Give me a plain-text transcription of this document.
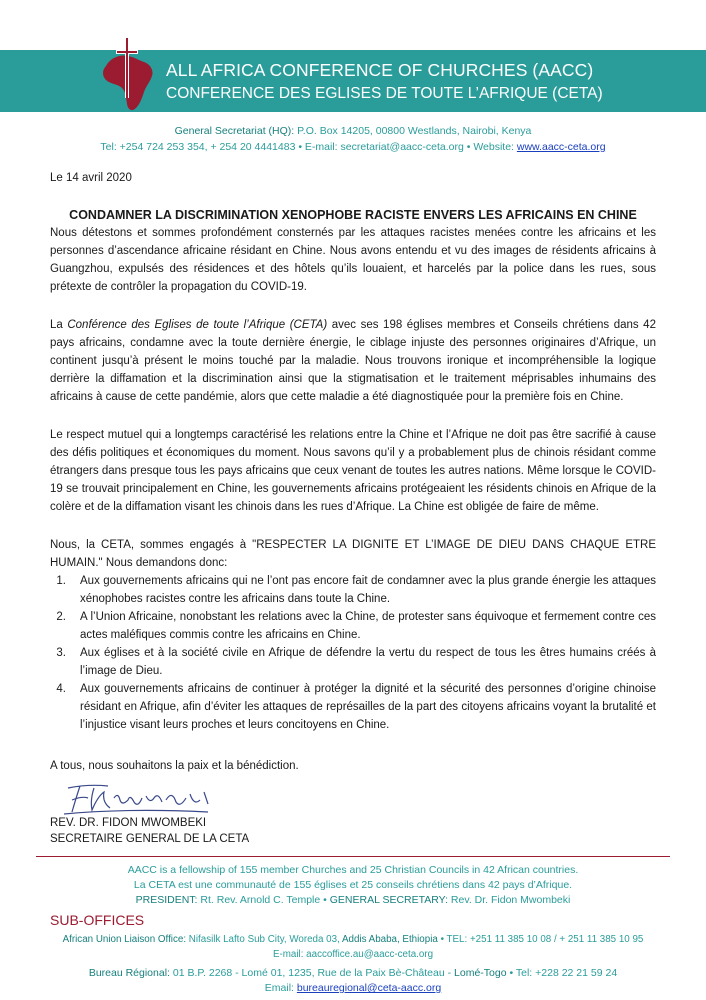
ALL AFRICA CONFERENCE OF CHURCHES (AACC)
CONFERENCE DES EGLISES DE TOUTE L’AFRIQUE (CETA)
General Secretariat (HQ): P.O. Box 14205, 00800 Westlands, Nairobi, Kenya
Tel: +254 724 253 354, + 254 20 4441483 • E-mail: secretariat@aacc-ceta.org • Website: www.aacc-ceta.org
Le 14 avril 2020
CONDAMNER LA DISCRIMINATION XENOPHOBE RACISTE ENVERS LES AFRICAINS EN CHINE

Nous détestons et sommes profondément consternés par les attaques racistes menées contre les africains et les personnes d’ascendance africaine résidant en Chine. Nous avons entendu et vu des images de résidents africains à Guangzhou, expulsés des résidences et des hôtels qu’ils louaient, et harcelés par la police dans les rues, sous prétexte de contrôler la propagation du COVID-19.

La Conférence des Eglises de toute l’Afrique (CETA) avec ses 198 églises membres et Conseils chrétiens dans 42 pays africains, condamne avec la toute dernière énergie, le ciblage injuste des personnes originaires d’Afrique, un continent jusqu’à présent le moins touché par la maladie. Nous trouvons ironique et incompréhensible la logique derrière la diffamation et la discrimination ainsi que la stigmatisation et le traitement méprisables inhumains des africains à cause de cette pandémie, alors que cette maladie a été diagnostiquée pour la première fois en Chine.

Le respect mutuel qui a longtemps caractérisé les relations entre la Chine et l’Afrique ne doit pas être sacrifié à cause des défis politiques et économiques du moment. Nous savons qu’il y a probablement plus de chinois résidant comme étrangers dans presque tous les pays africains que ceux venant de toutes les autres nations. Même lorsque le COVID-19 se trouvait principalement en Chine, les gouvernements africains protégeaient les résidents chinois en Afrique de la colère et de la diffamation visant les chinois dans les rues d’Afrique. La Chine est obligée de faire de même.

Nous, la CETA, sommes engagés à "RESPECTER LA DIGNITE ET L’IMAGE DE DIEU DANS CHAQUE ETRE HUMAIN." Nous demandons donc:

1. Aux gouvernements africains qui ne l’ont pas encore fait de condamner avec la plus grande énergie les attaques xénophobes racistes contre les africains dans toute la Chine.
2. A l’Union Africaine, nonobstant les relations avec la Chine, de protester sans équivoque et fermement contre ces actes maléfiques commis contre les africains en Chine.
3. Aux églises et à la société civile en Afrique de défendre la vertu du respect de tous les êtres humains créés à l’image de Dieu.
4. Aux gouvernements africains de continuer à protéger la dignité et la sécurité des personnes d’origine chinoise résidant en Afrique, afin d’éviter les attaques de représailles de la part des citoyens africains voyant la brutalité et l’injustice visant leurs proches et leurs concitoyens en Chine.

A tous, nous souhaitons la paix et la bénédiction.

REV. DR. FIDON MWOMBEKI
SECRETAIRE GENERAL DE LA CETA
AACC is a fellowship of 155 member Churches and 25 Christian Councils in 42 African countries.
La CETA est une communauté de 155 églises et 25 conseils chrétiens dans 42 pays d’Afrique.
PRESIDENT: Rt. Rev. Arnold C. Temple • GENERAL SECRETARY: Rev. Dr. Fidon Mwombeki
SUB-OFFICES
African Union Liaison Office: Nifasilk Lafto Sub City, Woreda 03, Addis Ababa, Ethiopia • TEL: +251 11 385 10 08 / + 251 11 385 10 95
E-mail: aaccoffice.au@aacc-ceta.org
Bureau Régional: 01 B.P. 2268 - Lomé 01, 1235, Rue de la Paix Bè-Château - Lomé-Togo • Tel: +228 22 21 59 24
Email: bureauregional@ceta-aacc.org
